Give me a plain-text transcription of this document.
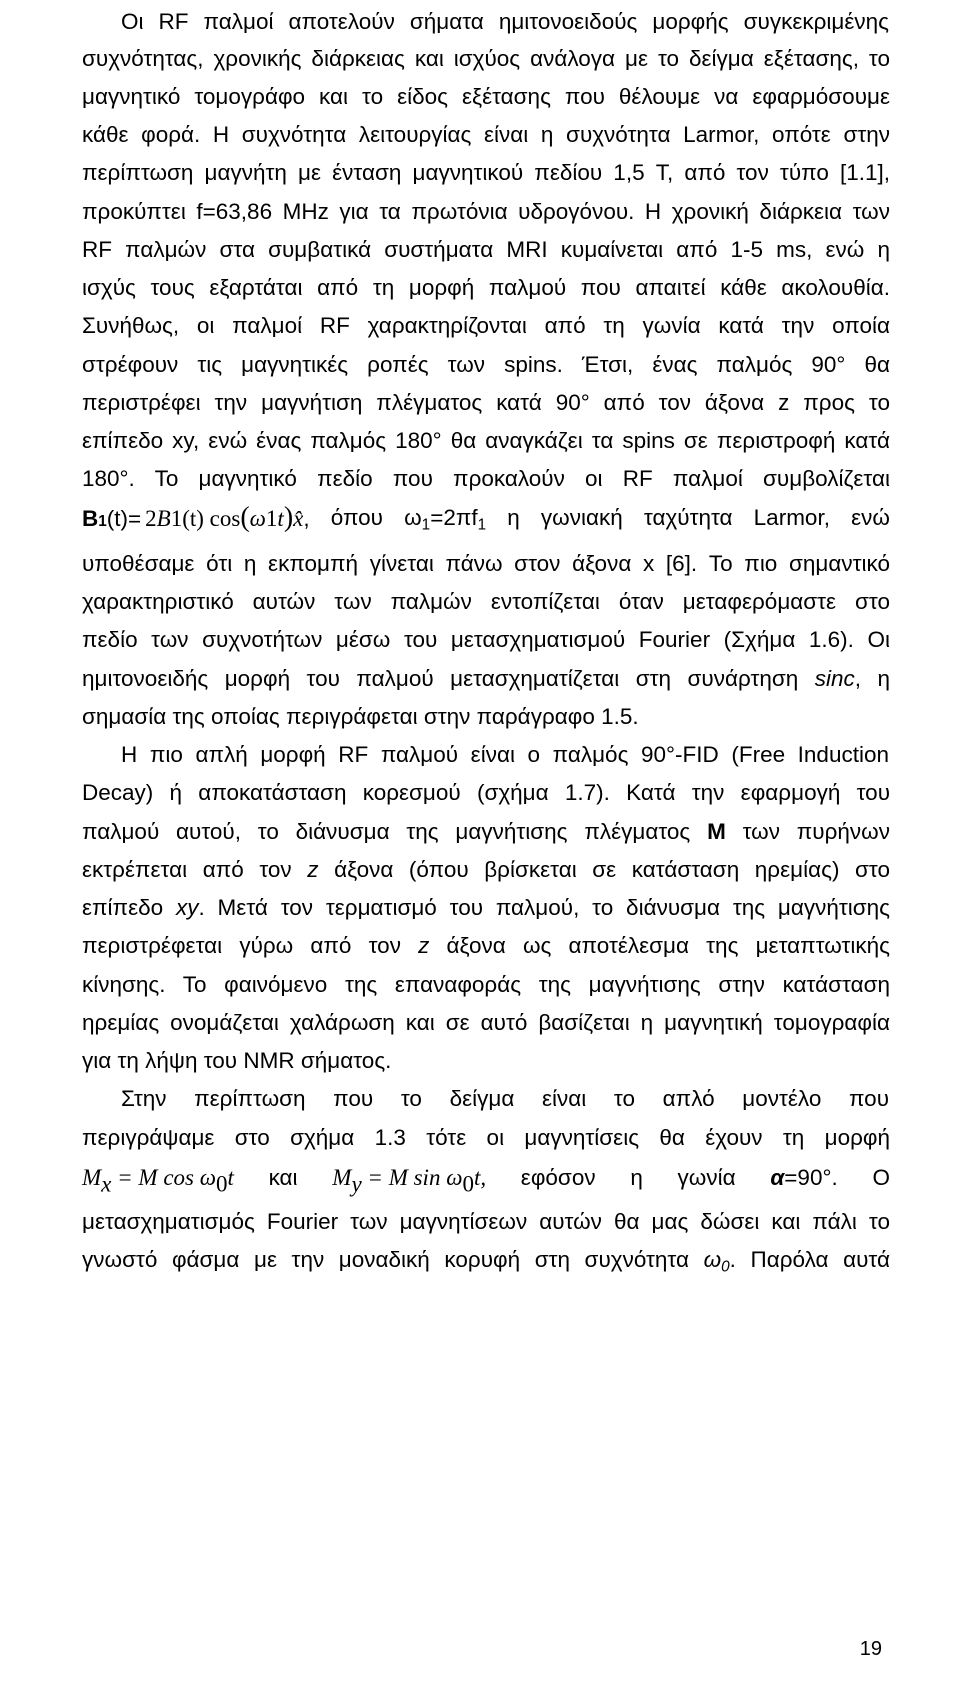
Οι RF παλμοί αποτελούν σήματα ημιτονοειδούς μορφής συγκεκριμένης
συχνότητας, χρονικής διάρκειας και ισχύος ανάλογα με το δείγμα εξέτασης, το
μαγνητικό τομογράφο και το είδος εξέτασης που θέλουμε να εφαρμόσουμε
κάθε φορά. Η συχνότητα λειτουργίας είναι η συχνότητα Larmor, οπότε στην
περίπτωση μαγνήτη με ένταση μαγνητικού πεδίου 1,5 T, από τον τύπο [1.1],
προκύπτει f=63,86 MHz για τα πρωτόνια υδρογόνου. Η χρονική διάρκεια των
RF παλμών στα συμβατικά συστήματα MRI κυμαίνεται από 1-5 ms, ενώ η
ισχύς τους εξαρτάται από τη μορφή παλμού που απαιτεί κάθε ακολουθία.
Συνήθως, οι παλμοί RF χαρακτηρίζονται από τη γωνία κατά την οποία
στρέφουν τις μαγνητικές ροπές των spins. Έτσι, ένας παλμός 90° θα
περιστρέφει την μαγνήτιση πλέγματος κατά 90° από τον άξονα z προς το
επίπεδο xy, ενώ ένας παλμός 180° θα αναγκάζει τα spins σε περιστροφή κατά
180°. Το μαγνητικό πεδίο που προκαλούν οι RF παλμοί συμβολίζεται
B 1 (t)= 2 B 1 (t) cos ( ω 1 t ) x̂ , όπου $\omega_1=2\pi f_1$ η γωνιακή ταχύτητα Larmor, ενώ
υποθέσαμε ότι η εκπομπή γίνεται πάνω στον άξονα x [6]. Το πιο σημαντικό
χαρακτηριστικό αυτών των παλμών εντοπίζεται όταν μεταφερόμαστε στο
πεδίο των συχνοτήτων μέσω του μετασχηματισμού Fourier (Σχήμα 1.6). Οι
ημιτονοειδής μορφή του παλμού μετασχηματίζεται στη συνάρτηση sinc, η
σημασία της οποίας περιγράφεται στην παράγραφο 1.5.
Η πιο απλή μορφή RF παλμού είναι ο παλμός 90°-FID (Free Induction
Decay) ή αποκατάσταση κορεσμού (σχήμα 1.7). Κατά την εφαρμογή του
παλμού αυτού, το διάνυσμα της μαγνήτισης πλέγματος M των πυρήνων
εκτρέπεται από τον z άξονα (όπου βρίσκεται σε κατάσταση ηρεμίας) στο
επίπεδο xy. Μετά τον τερματισμό του παλμού, το διάνυσμα της μαγνήτισης
περιστρέφεται γύρω από τον z άξονα ως αποτέλεσμα της μεταπτωτικής
κίνησης. Το φαινόμενο της επαναφοράς της μαγνήτισης στην κατάσταση
ηρεμίας ονομάζεται χαλάρωση και σε αυτό βασίζεται η μαγνητική τομογραφία
για τη λήψη του NMR σήματος.
Στην περίπτωση που το δείγμα είναι το απλό μοντέλο που
περιγράψαμε στο σχήμα 1.3 τότε οι μαγνητίσεις θα έχουν τη μορφή
$M_x = M$ $\cos \omega_0t$ και $M_y = M$ $\sin \omega_0t$, εφόσον η γωνία α=90°. Ο
μετασχηματισμός Fourier των μαγνητίσεων αυτών θα μας δώσει και πάλι το
γνωστό φάσμα με την μοναδική κορυφή στη συχνότητα $\omega_0$. Παρόλα αυτά
19
